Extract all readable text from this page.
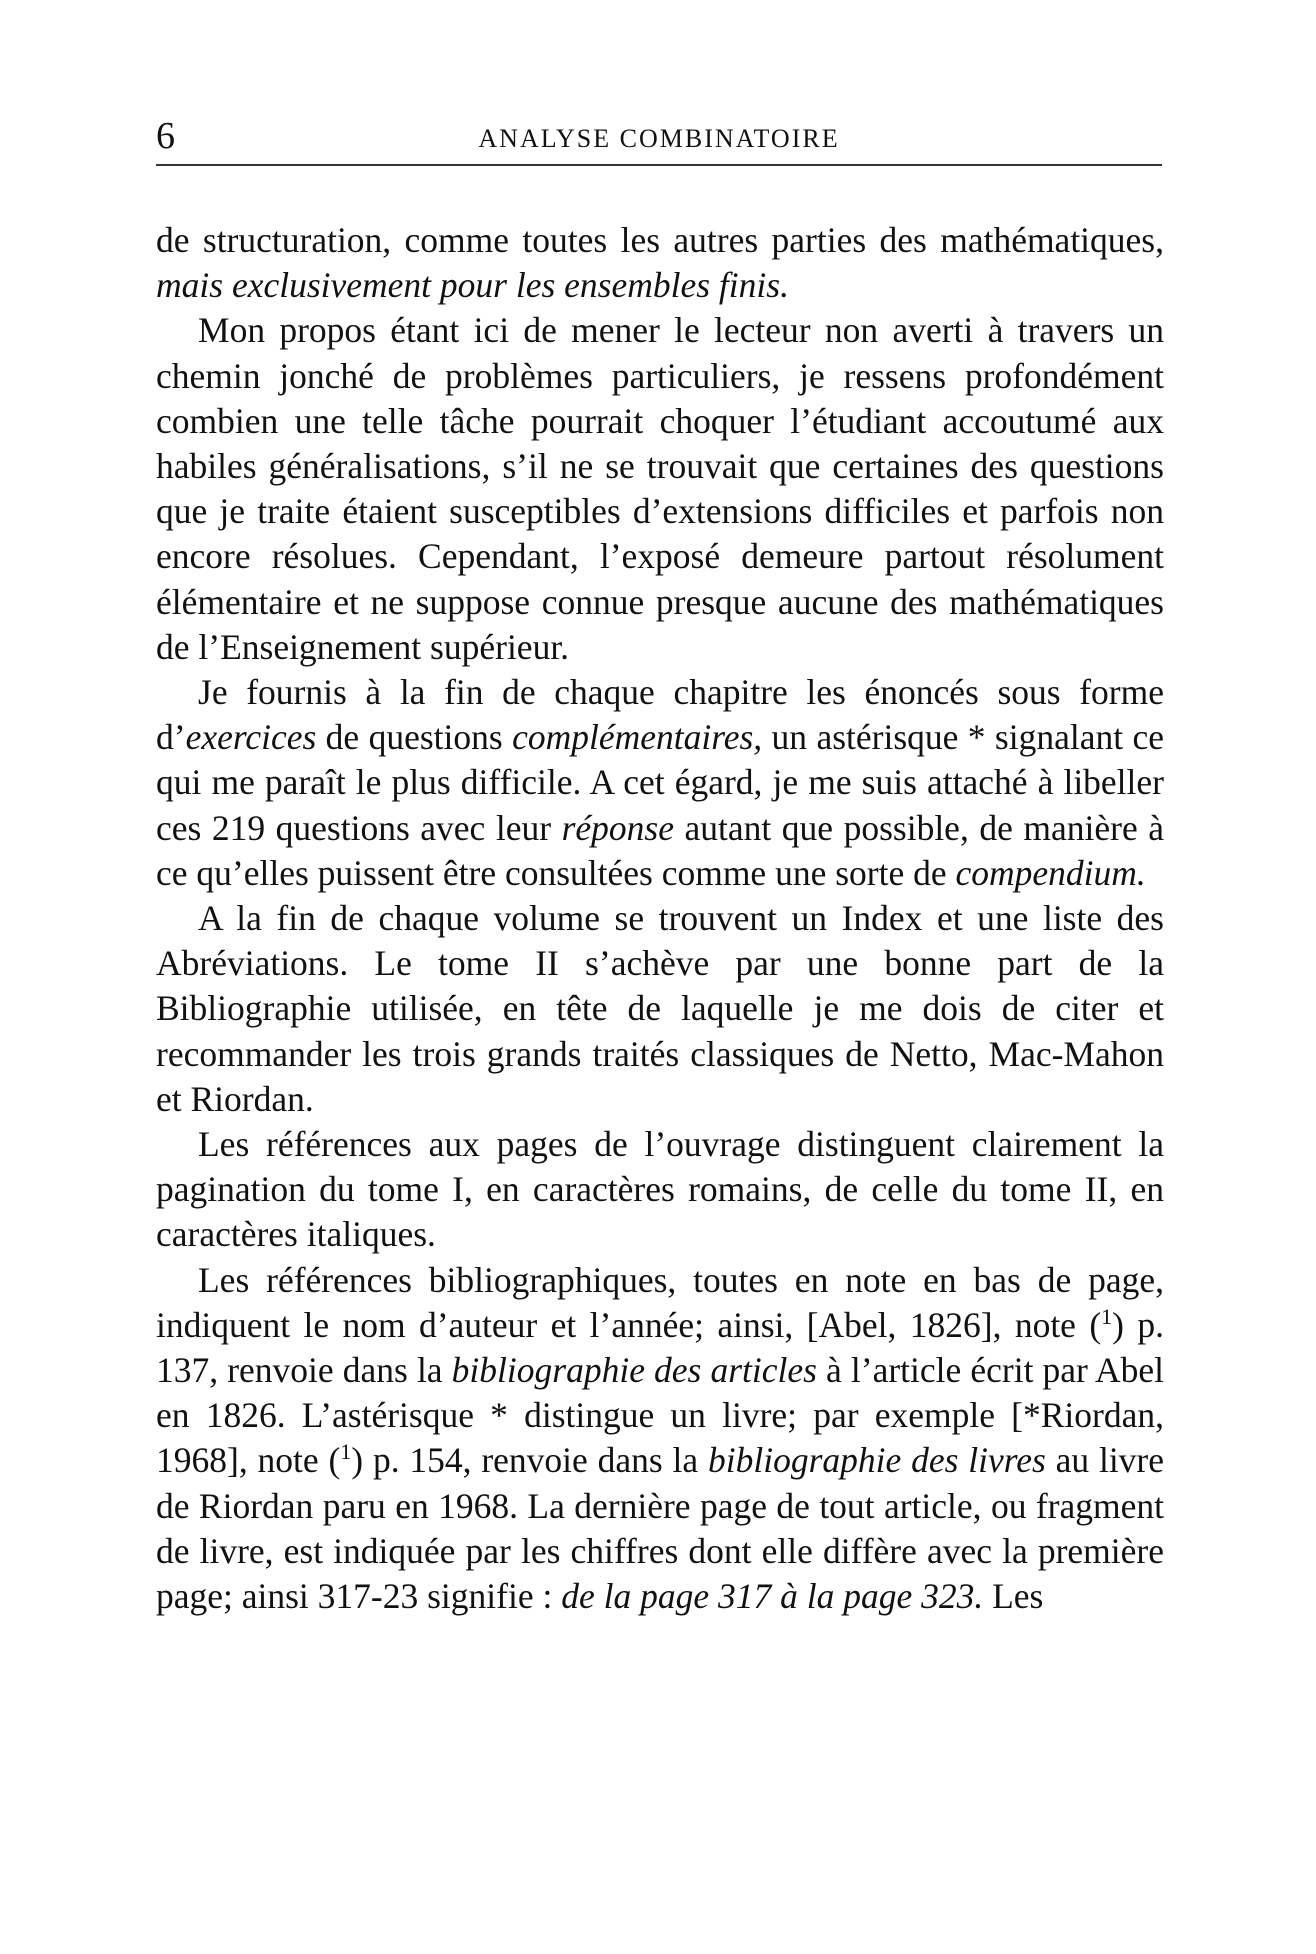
6	ANALYSE COMBINATOIRE

de structuration, comme toutes les autres parties des mathématiques, mais exclusivement pour les ensembles finis.

Mon propos étant ici de mener le lecteur non averti à travers un chemin jonché de problèmes particuliers, je ressens profondément combien une telle tâche pourrait choquer l’étudiant accoutumé aux habiles généralisations, s’il ne se trouvait que certaines des questions que je traite étaient susceptibles d’extensions difficiles et parfois non encore résolues. Cependant, l’exposé demeure partout résolument élémentaire et ne suppose connue presque aucune des mathématiques de l’Enseignement supérieur.

Je fournis à la fin de chaque chapitre les énoncés sous forme d’exercices de questions complémentaires, un astérisque * signalant ce qui me paraît le plus difficile. A cet égard, je me suis attaché à libeller ces 219 questions avec leur réponse autant que possible, de manière à ce qu’elles puissent être consultées comme une sorte de compendium.

A la fin de chaque volume se trouvent un Index et une liste des Abréviations. Le tome II s’achève par une bonne part de la Bibliographie utilisée, en tête de laquelle je me dois de citer et recommander les trois grands traités classiques de Netto, Mac-Mahon et Riordan.

Les références aux pages de l’ouvrage distinguent clairement la pagination du tome I, en caractères romains, de celle du tome II, en caractères italiques.

Les références bibliographiques, toutes en note en bas de page, indiquent le nom d’auteur et l’année; ainsi, [Abel, 1826], note ($^1$) p. 137, renvoie dans la bibliographie des articles à l’article écrit par Abel en 1826. L’astérisque * distingue un livre; par exemple [*Riordan, 1968], note ($^1$) p. 154, renvoie dans la bibliographie des livres au livre de Riordan paru en 1968. La dernière page de tout article, ou fragment de livre, est indiquée par les chiffres dont elle diffère avec la première page; ainsi 317-23 signifie : de la page 317 à la page 323. Les
